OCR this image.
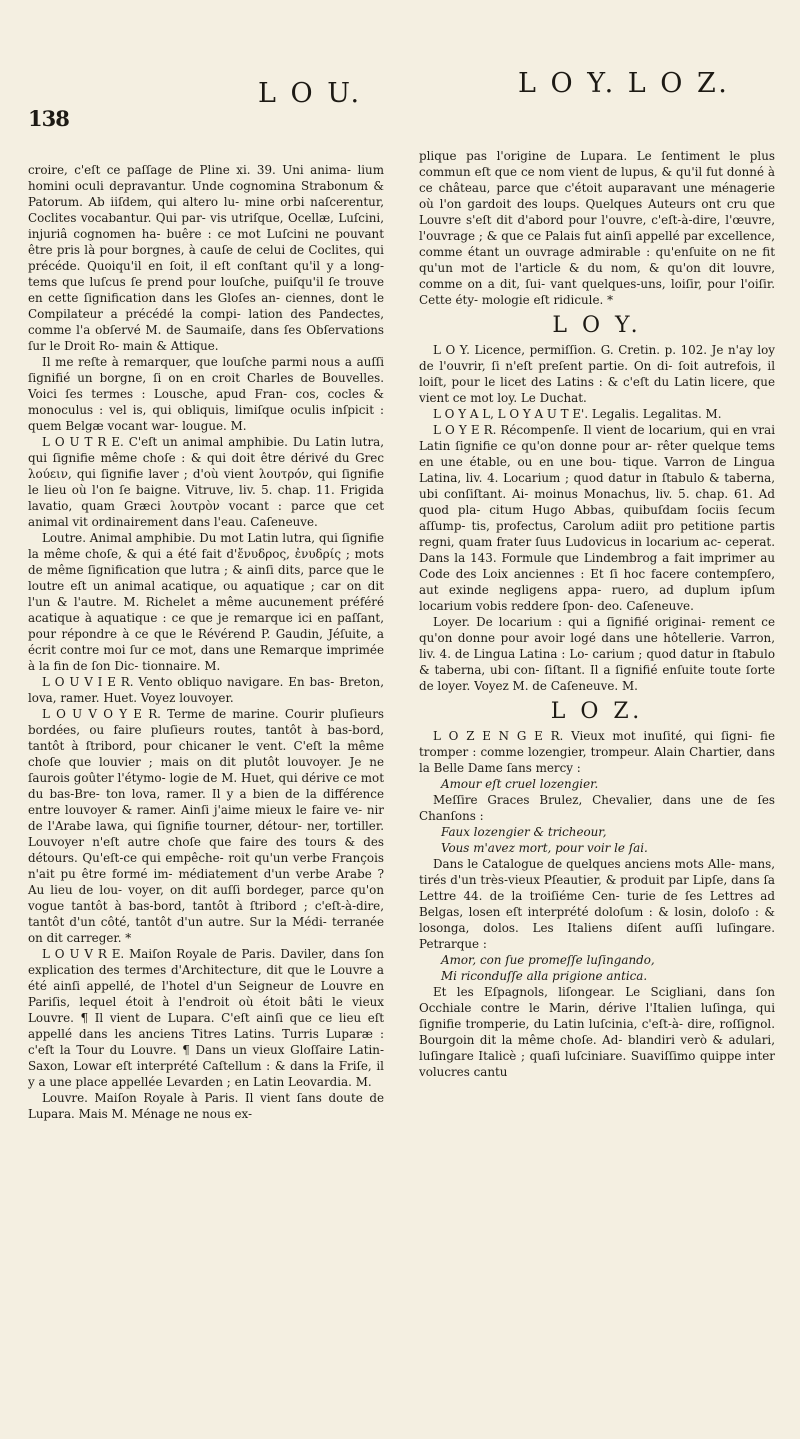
138
L O U.	L O Y. L O Z.

croire, c'eſt ce paſſage de Pline xi. 39. Uni anima- lium homini oculi depravantur. Unde cognomina Strabonum & Patorum. Ab iiſdem, qui altero lu- mine orbi naſcerentur, Coclites vocabantur. Qui par- vis utriſque, Ocellæ, Luſcini, injuriâ cognomen ha- buêre : ce mot Luſcini ne pouvant être pris là pour borgnes, à cauſe de celui de Coclites, qui précéde. Quoiqu'il en ſoit, il eſt conſtant qu'il y a long- tems que luſcus ſe prend pour louſche, puiſqu'il ſe trouve en cette ſignification dans les Gloſes an- ciennes, dont le Compilateur a précédé la compi- lation des Pandectes, comme l'a obſervé M. de Saumaiſe, dans ſes Obſervations ſur le Droit Ro- main & Attique.

Il me reſte à remarquer, que louſche parmi nous a auſſi ſignifié un borgne, ſi on en croit Charles de Bouvelles. Voici ſes termes : Lousche, apud Fran- cos, cocles & monoculus : vel is, qui obliquis, limiſque oculis inſpicit : quem Belgæ vocant war- lougue. M.

L O U T R E. C'eſt un animal amphibie. Du Latin lutra, qui ſignifie même choſe : & qui doit être dérivé du Grec λούειν, qui ſignifie laver ; d'où vient λουτρόν, qui ſignifie le lieu où l'on ſe baigne. Vitruve, liv. 5. chap. 11. Frigida lavatio, quam Græci λουτρὸν vocant : parce que cet animal vit ordinairement dans l'eau. Caſeneuve.

Loutre. Animal amphibie. Du mot Latin lutra, qui ſignifie la même choſe, & qui a été fait d'ἔνυδρος, ἐνυδρίς ; mots de même ſignification que lutra ; & ainſi dits, parce que le loutre eſt un animal acatique, ou aquatique ; car on dit l'un & l'autre. M. Richelet a même aucunement préféré acatique à aquatique : ce que je remarque ici en paſſant, pour répondre à ce que le Révérend P. Gaudin, Jéſuite, a écrit contre moi ſur ce mot, dans une Remarque imprimée à la fin de ſon Dic- tionnaire. M.

L O U V I E R. Vento obliquo navigare. En bas- Breton, lova, ramer. Huet. Voyez louvoyer.

L O U V O Y E R. Terme de marine. Courir pluſieurs bordées, ou faire pluſieurs routes, tantôt à bas-bord, tantôt à ſtribord, pour chicaner le vent. C'eſt la même choſe que louvier ; mais on dit plutôt louvoyer. Je ne ſaurois goûter l'étymo- logie de M. Huet, qui dérive ce mot du bas-Bre- ton lova, ramer. Il y a bien de la différence entre louvoyer & ramer. Ainſi j'aime mieux le faire ve- nir de l'Arabe lawa, qui ſignifie tourner, détour- ner, tortiller. Louvoyer n'eſt autre choſe que faire des tours & des détours. Qu'eſt-ce qui empêche- roit qu'un verbe François n'ait pu être formé im- médiatement d'un verbe Arabe ? Au lieu de lou- voyer, on dit auſſi bordeger, parce qu'on vogue tantôt à bas-bord, tantôt à ſtribord ; c'eſt-à-dire, tantôt d'un côté, tantôt d'un autre. Sur la Médi- terranée on dit carreger. *

L O U V R E. Maiſon Royale de Paris. Daviler, dans ſon explication des termes d'Architecture, dit que le Louvre a été ainſi appellé, de l'hotel d'un Seigneur de Louvre en Pariſis, lequel étoit à l'endroit où étoit bâti le vieux Louvre. ¶ Il vient de Lupara. C'eſt ainſi que ce lieu eſt appellé dans les anciens Titres Latins. Turris Luparæ : c'eſt la Tour du Louvre. ¶ Dans un vieux Gloſſaire Latin- Saxon, Lowar eſt interprété Caſtellum : & dans la Friſe, il y a une place appellée Levarden ; en Latin Leovardia. M.

Louvre. Maiſon Royale à Paris. Il vient ſans doute de Lupara. Mais M. Ménage ne nous ex-

plique pas l'origine de Lupara. Le ſentiment le plus commun eſt que ce nom vient de lupus, & qu'il fut donné à ce château, parce que c'étoit auparavant une ménagerie où l'on gardoit des loups. Quelques Auteurs ont cru que Louvre s'eſt dit d'abord pour l'ouvre, c'eſt-à-dire, l'œuvre, l'ouvrage ; & que ce Palais fut ainſi appellé par excellence, comme étant un ouvrage admirable : qu'enſuite on ne fit qu'un mot de l'article & du nom, & qu'on dit louvre, comme on a dit, ſui- vant quelques-uns, loiſir, pour l'oiſir. Cette éty- mologie eſt ridicule. *

L O Y.

L O Y. Licence, permiſſion. G. Cretin. p. 102. Je n'ay loy de l'ouvrir, ſi n'eſt preſent partie. On di- ſoit autrefois, il loiſt, pour le licet des Latins : & c'eſt du Latin licere, que vient ce mot loy. Le Duchat.

L O Y A L, L O Y A U T E'. Legalis. Legalitas. M.

L O Y E R. Récompenſe. Il vient de locarium, qui en vrai Latin ſignifie ce qu'on donne pour ar- rêter quelque tems en une étable, ou en une bou- tique. Varron de Lingua Latina, liv. 4. Locarium ; quod datur in ſtabulo & taberna, ubi conſiſtant. Ai- moinus Monachus, liv. 5. chap. 61. Ad quod pla- citum Hugo Abbas, quibuſdam ſociis ſecum aſſump- tis, profectus, Carolum adiit pro petitione partis regni, quam frater ſuus Ludovicus in locarium ac- ceperat. Dans la 143. Formule que Lindembrog a fait imprimer au Code des Loix anciennes : Et ſi hoc facere contempſero, aut exinde negligens appa- ruero, ad duplum ipſum locarium vobis reddere ſpon- deo. Caſeneuve.

Loyer. De locarium : qui a ſignifié originai- rement ce qu'on donne pour avoir logé dans une hôtellerie. Varron, liv. 4. de Lingua Latina : Lo- carium ; quod datur in ſtabulo & taberna, ubi con- ſiſtant. Il a ſignifié enſuite toute ſorte de loyer. Voyez M. de Caſeneuve. M.

L O Z.

L O Z E N G E R. Vieux mot inuſité, qui ſigni- fie tromper : comme lozengier, trompeur. Alain Chartier, dans la Belle Dame ſans mercy :

Amour eſt cruel lozengier.

Meſſire Graces Brulez, Chevalier, dans une de ſes Chanſons :

Faux lozengier & tricheour,

Vous m'avez mort, pour voir le ſai.

Dans le Catalogue de quelques anciens mots Alle- mans, tirés d'un très-vieux Pſeautier, & produit par Lipſe, dans ſa Lettre 44. de la troiſiéme Cen- turie de ſes Lettres ad Belgas, losen eſt interprété doloſum : & losin, doloſo : & losonga, dolos. Les Italiens diſent auſſi luſingare. Petrarque :

Amor, con ſue promeſſe luſingando,

Mi riconduſſe alla prigione antica.

Et les Eſpagnols, liſongear. Le Scigliani, dans ſon Occhiale contre le Marin, dérive l'Italien luſinga, qui ſignifie tromperie, du Latin luſcinia, c'eſt-à- dire, roſſignol. Bourgoin dit la même choſe. Ad- blandiri verò & adulari, luſingare Italicè ; quaſi luſciniare. Suaviſſimo quippe inter volucres cantu
